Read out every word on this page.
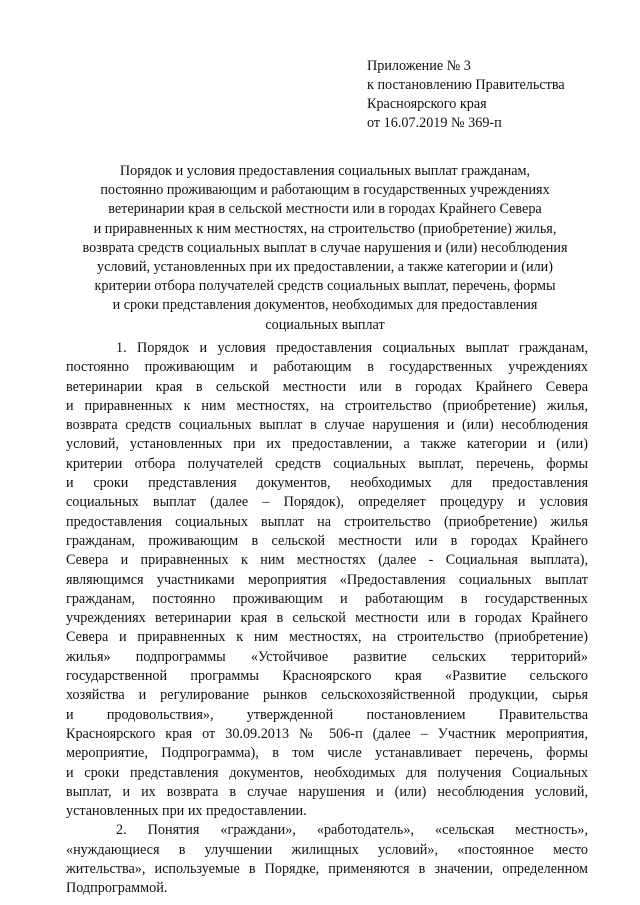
Приложение № 3
к постановлению Правительства
Красноярского края
от 16.07.2019 № 369-п
Порядок и условия предоставления социальных выплат гражданам,
постоянно проживающим и работающим в государственных учреждениях
ветеринарии края в сельской местности или в городах Крайнего Севера
и приравненных к ним местностях, на строительство (приобретение) жилья,
возврата средств социальных выплат в случае нарушения и (или) несоблюдения
условий, установленных при их предоставлении, а также категории и (или)
критерии отбора получателей средств социальных выплат, перечень, формы
и сроки представления документов, необходимых для предоставления
социальных выплат
1. Порядок и условия предоставления социальных выплат гражданам,
постоянно проживающим и работающим в государственных учреждениях
ветеринарии края в сельской местности или в городах Крайнего Севера
и приравненных к ним местностях, на строительство (приобретение) жилья,
возврата средств социальных выплат в случае нарушения и (или) несоблюдения
условий, установленных при их предоставлении, а также категории и (или)
критерии отбора получателей средств социальных выплат, перечень, формы
и сроки представления документов, необходимых для предоставления
социальных выплат (далее – Порядок), определяет процедуру и условия
предоставления социальных выплат на строительство (приобретение) жилья
гражданам, проживающим в сельской местности или в городах Крайнего
Севера и приравненных к ним местностях (далее - Социальная выплата),
являющимся участниками мероприятия «Предоставления социальных выплат
гражданам, постоянно проживающим и работающим в государственных
учреждениях ветеринарии края в сельской местности или в городах Крайнего
Севера и приравненных к ним местностях, на строительство (приобретение)
жилья» подпрограммы «Устойчивое развитие сельских территорий»
государственной программы Красноярского края «Развитие сельского
хозяйства и регулирование рынков сельскохозяйственной продукции, сырья
и продовольствия», утвержденной постановлением Правительства
Красноярского края от 30.09.2013 № 506-п (далее – Участник мероприятия,
мероприятие, Подпрограмма), в том числе устанавливает перечень, формы
и сроки представления документов, необходимых для получения Социальных
выплат, и их возврата в случае нарушения и (или) несоблюдения условий,
установленных при их предоставлении.
2. Понятия «граждани», «работодатель», «сельская местность»,
«нуждающиеся в улучшении жилищных условий», «постоянное место
жительства», используемые в Порядке, применяются в значении, определенном
Подпрограммой.
